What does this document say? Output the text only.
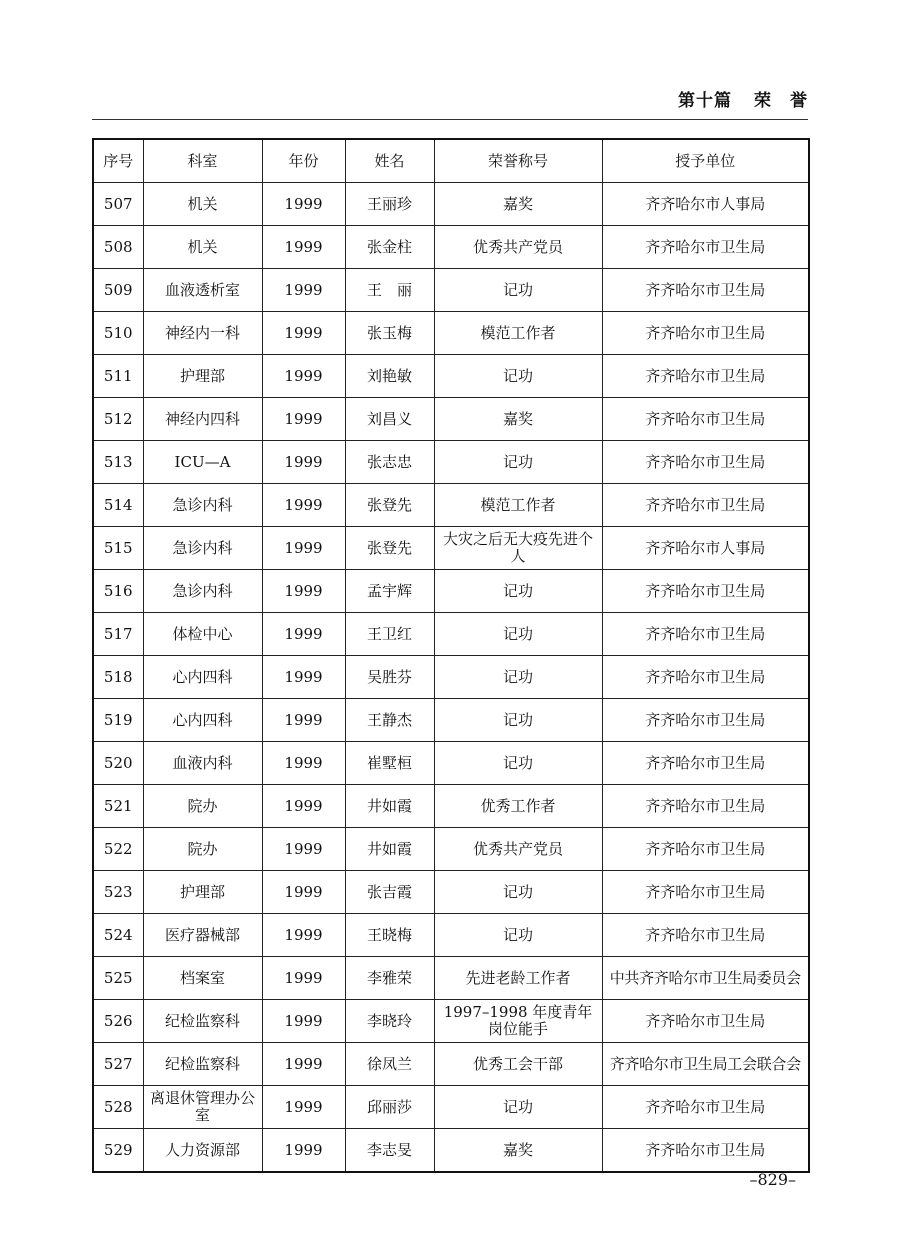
第十篇 荣　誉
序号	科室	年份	姓名	荣誉称号	授予单位
507	机关	1999	王丽珍	嘉奖	齐齐哈尔市人事局
508	机关	1999	张金柱	优秀共产党员	齐齐哈尔市卫生局
509	血液透析室	1999	王　丽	记功	齐齐哈尔市卫生局
510	神经内一科	1999	张玉梅	模范工作者	齐齐哈尔市卫生局
511	护理部	1999	刘艳敏	记功	齐齐哈尔市卫生局
512	神经内四科	1999	刘昌义	嘉奖	齐齐哈尔市卫生局
513	ICU—A	1999	张志忠	记功	齐齐哈尔市卫生局
514	急诊内科	1999	张登先	模范工作者	齐齐哈尔市卫生局
515	急诊内科	1999	张登先	大灾之后无大疫先进个人	齐齐哈尔市人事局
516	急诊内科	1999	孟宇辉	记功	齐齐哈尔市卫生局
517	体检中心	1999	王卫红	记功	齐齐哈尔市卫生局
518	心内四科	1999	吴胜芬	记功	齐齐哈尔市卫生局
519	心内四科	1999	王静杰	记功	齐齐哈尔市卫生局
520	血液内科	1999	崔墅桓	记功	齐齐哈尔市卫生局
521	院办	1999	井如霞	优秀工作者	齐齐哈尔市卫生局
522	院办	1999	井如霞	优秀共产党员	齐齐哈尔市卫生局
523	护理部	1999	张吉霞	记功	齐齐哈尔市卫生局
524	医疗器械部	1999	王晓梅	记功	齐齐哈尔市卫生局
525	档案室	1999	李雅荣	先进老龄工作者	中共齐齐哈尔市卫生局委员会
526	纪检监察科	1999	李晓玲	1997–1998 年度青年岗位能手	齐齐哈尔市卫生局
527	纪检监察科	1999	徐凤兰	优秀工会干部	齐齐哈尔市卫生局工会联合会
528	离退休管理办公室	1999	邱丽莎	记功	齐齐哈尔市卫生局
529	人力资源部	1999	李志旻	嘉奖	齐齐哈尔市卫生局
–829–
